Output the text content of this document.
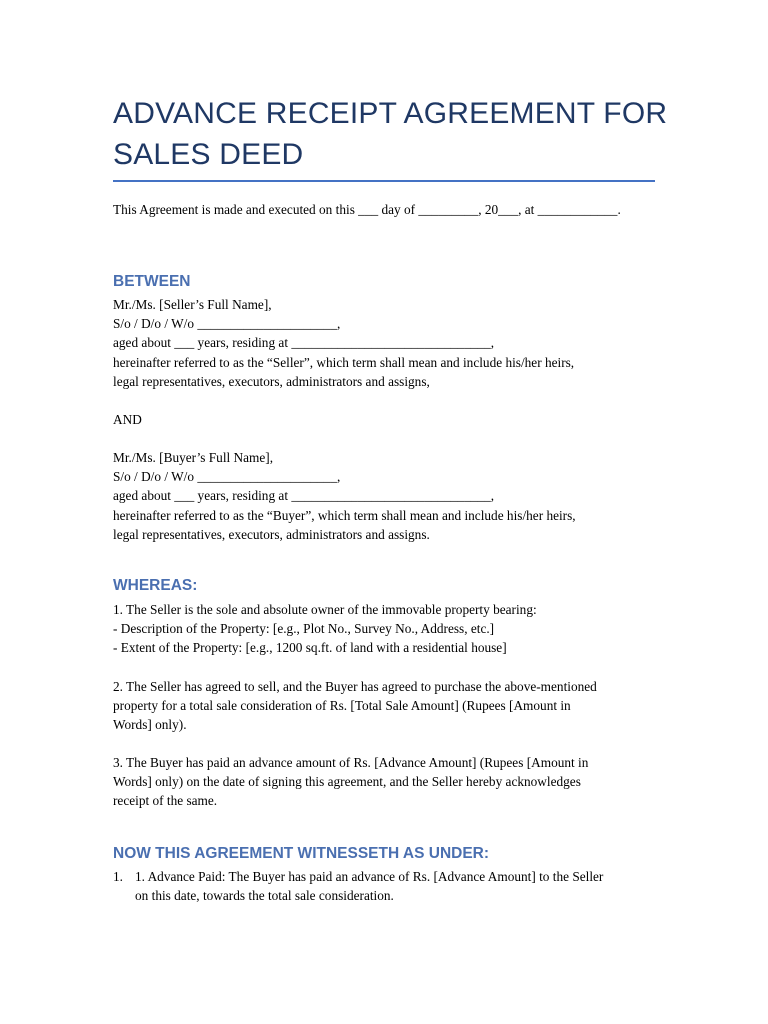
ADVANCE RECEIPT AGREEMENT FOR
SALES DEED
This Agreement is made and executed on this ___ day of _________, 20___, at ____________.
BETWEEN
Mr./Ms. [Seller’s Full Name],
S/o / D/o / W/o _____________________,
aged about ___ years, residing at ______________________________,
hereinafter referred to as the “Seller”, which term shall mean and include his/her heirs,
legal representatives, executors, administrators and assigns,
AND
Mr./Ms. [Buyer’s Full Name],
S/o / D/o / W/o _____________________,
aged about ___ years, residing at ______________________________,
hereinafter referred to as the “Buyer”, which term shall mean and include his/her heirs,
legal representatives, executors, administrators and assigns.
WHEREAS:
1. The Seller is the sole and absolute owner of the immovable property bearing:
- Description of the Property: [e.g., Plot No., Survey No., Address, etc.]
- Extent of the Property: [e.g., 1200 sq.ft. of land with a residential house]
2. The Seller has agreed to sell, and the Buyer has agreed to purchase the above-mentioned
property for a total sale consideration of Rs. [Total Sale Amount] (Rupees [Amount in
Words] only).
3. The Buyer has paid an advance amount of Rs. [Advance Amount] (Rupees [Amount in
Words] only) on the date of signing this agreement, and the Seller hereby acknowledges
receipt of the same.
NOW THIS AGREEMENT WITNESSETH AS UNDER:
1. 1. Advance Paid: The Buyer has paid an advance of Rs. [Advance Amount] to the Seller
on this date, towards the total sale consideration.
